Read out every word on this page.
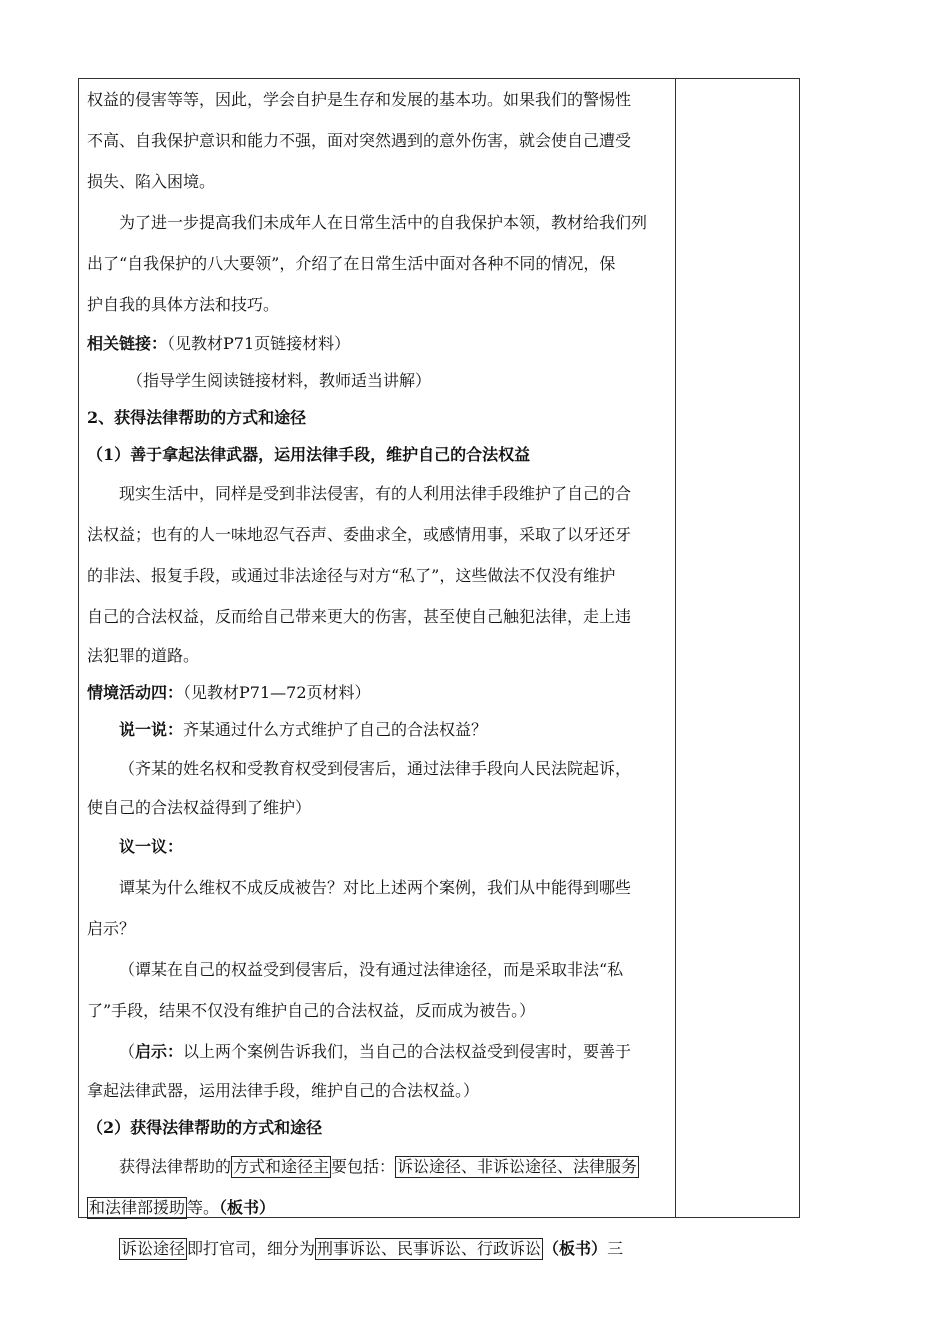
权益的侵害等等，因此，学会自护是生存和发展的基本功。如果我们的警惕性
不高、自我保护意识和能力不强，面对突然遇到的意外伤害，就会使自己遭受
损失、陷入困境。
为了进一步提高我们未成年人在日常生活中的自我保护本领，教材给我们列
出了“自我保护的八大要领”，介绍了在日常生活中面对各种不同的情况，保
护自我的具体方法和技巧。
相关链接：（见教材P71页链接材料）
（指导学生阅读链接材料，教师适当讲解）
2、获得法律帮助的方式和途径
（1）善于拿起法律武器，运用法律手段，维护自己的合法权益
现实生活中，同样是受到非法侵害，有的人利用法律手段维护了自己的合
法权益；也有的人一味地忍气吞声、委曲求全，或感情用事，采取了以牙还牙
的非法、报复手段，或通过非法途径与对方“私了”，这些做法不仅没有维护
自己的合法权益，反而给自己带来更大的伤害，甚至使自己触犯法律，走上违
法犯罪的道路。
情境活动四：（见教材P71—72页材料）
说一说：齐某通过什么方式维护了自己的合法权益？
（齐某的姓名权和受教育权受到侵害后，通过法律手段向人民法院起诉，
使自己的合法权益得到了维护）
议一议：
谭某为什么维权不成反成被告？对比上述两个案例，我们从中能得到哪些
启示？
（谭某在自己的权益受到侵害后，没有通过法律途径，而是采取非法“私
了”手段，结果不仅没有维护自己的合法权益，反而成为被告。）
（启示：以上两个案例告诉我们，当自己的合法权益受到侵害时，要善于
拿起法律武器，运用法律手段，维护自己的合法权益。）
（2）获得法律帮助的方式和途径
获得法律帮助的 方式和途径主 要包括： 诉讼途径、非诉讼途径、法律服务
和法律部援助 等。（板书）
诉讼途径 即打官司，细分为 刑事诉讼、民事诉讼、行政诉讼 （板书）三
